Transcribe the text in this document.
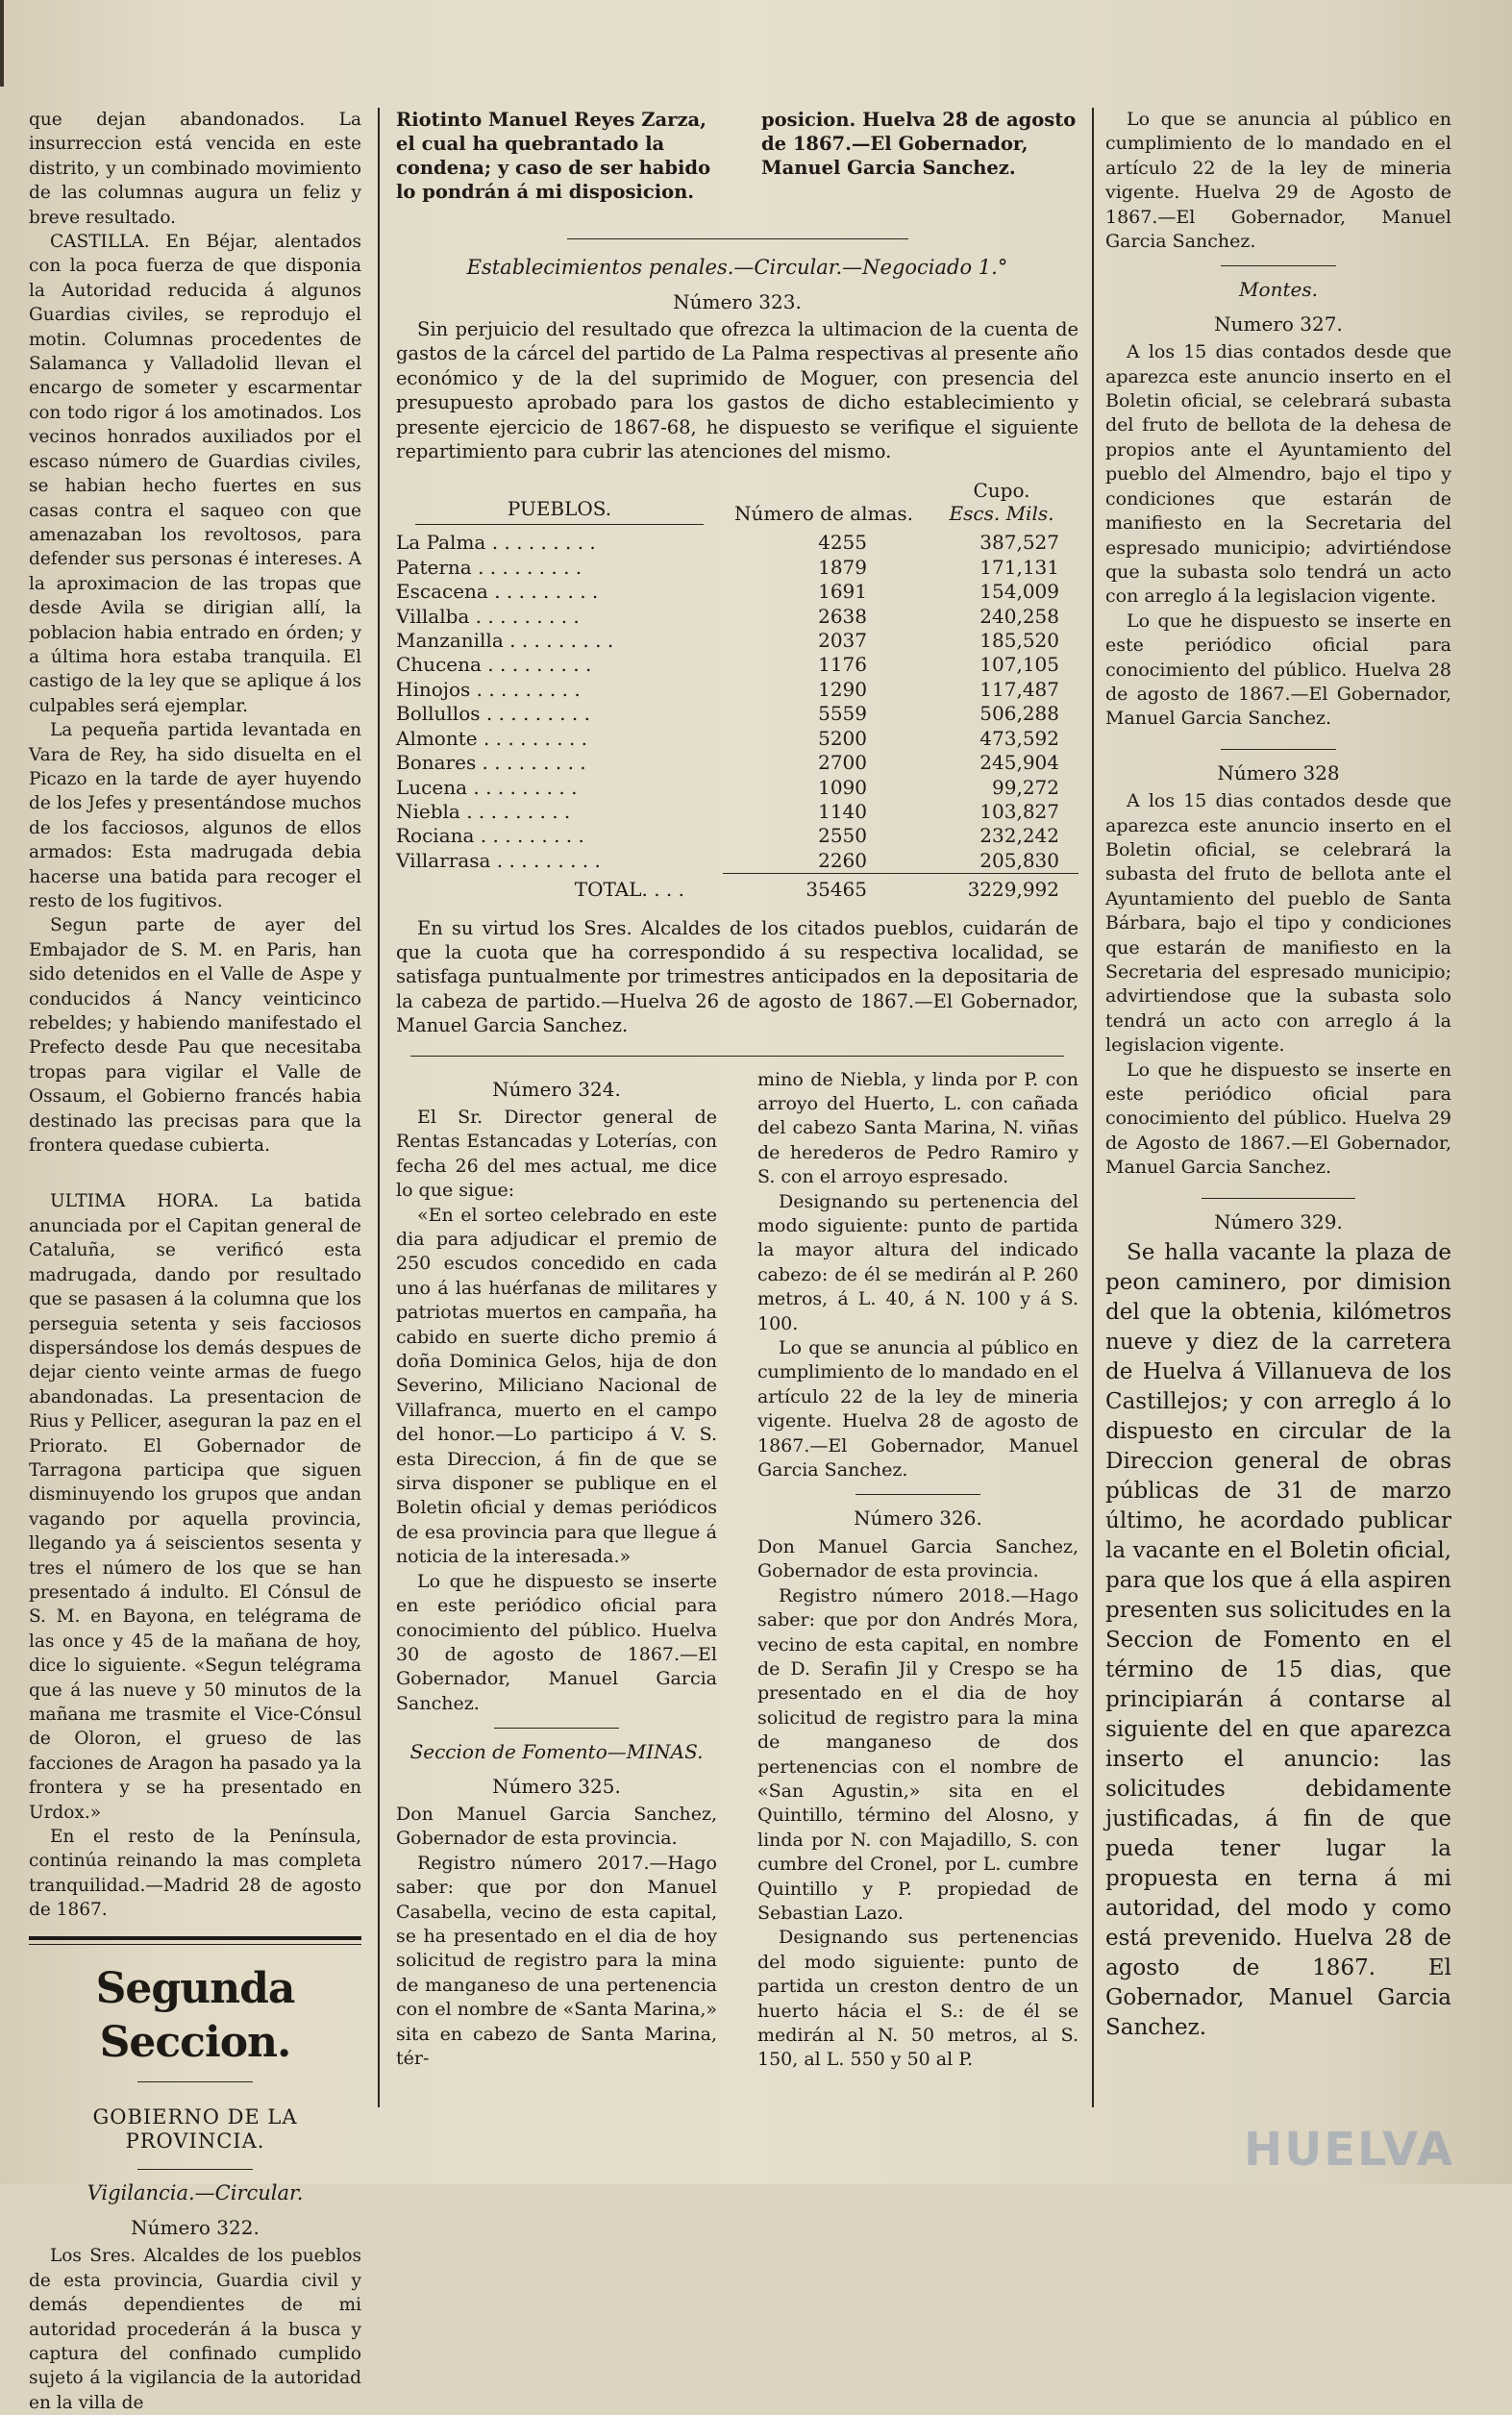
que dejan abandonados. La insurreccion está vencida en este distrito, y un combinado movimiento de las columnas augura un feliz y breve resultado.

CASTILLA. En Béjar, alentados con la poca fuerza de que disponia la Autoridad reducida á algunos Guardias civiles, se reprodujo el motin. Columnas procedentes de Salamanca y Valladolid llevan el encargo de someter y escarmentar con todo rigor á los amotinados. Los vecinos honrados auxiliados por el escaso número de Guardias civiles, se habian hecho fuertes en sus casas contra el saqueo con que amenazaban los revoltosos, para defender sus personas é intereses. A la aproximacion de las tropas que desde Avila se dirigian allí, la poblacion habia entrado en órden; y a última hora estaba tranquila. El castigo de la ley que se aplique á los culpables será ejemplar.

La pequeña partida levantada en Vara de Rey, ha sido disuelta en el Picazo en la tarde de ayer huyendo de los Jefes y presentándose muchos de los facciosos, algunos de ellos armados: Esta madrugada debia hacerse una batida para recoger el resto de los fugitivos.

Segun parte de ayer del Embajador de S. M. en Paris, han sido detenidos en el Valle de Aspe y conducidos á Nancy veinticinco rebeldes; y habiendo manifestado el Prefecto desde Pau que necesitaba tropas para vigilar el Valle de Ossaum, el Gobierno francés habia destinado las precisas para que la frontera quedase cubierta.

ULTIMA HORA. La batida anunciada por el Capitan general de Cataluña, se verificó esta madrugada, dando por resultado que se pasasen á la columna que los perseguia setenta y seis facciosos dispersándose los demás despues de dejar ciento veinte armas de fuego abandonadas. La presentacion de Rius y Pellicer, aseguran la paz en el Priorato. El Gobernador de Tarragona participa que siguen disminuyendo los grupos que andan vagando por aquella provincia, llegando ya á seiscientos sesenta y tres el número de los que se han presentado á indulto. El Cónsul de S. M. en Bayona, en telégrama de las once y 45 de la mañana de hoy, dice lo siguiente. «Segun telégrama que á las nueve y 50 minutos de la mañana me trasmite el Vice-Cónsul de Oloron, el grueso de las facciones de Aragon ha pasado ya la frontera y se ha presentado en Urdox.»

En el resto de la Península, continúa reinando la mas completa tranquilidad.—Madrid 28 de agosto de 1867.

Segunda Seccion.
GOBIERNO DE LA PROVINCIA.
Vigilancia.—Circular.
Número 322.

Los Sres. Alcaldes de los pueblos de esta provincia, Guardia civil y demás dependientes de mi autoridad procederán á la busca y captura del confinado cumplido sujeto á la vigilancia de la autoridad en la villa de

Riotinto Manuel Reyes Zarza, el cual ha quebrantado la condena; y caso de ser habido lo pondrán á mi disposicion.
posicion. Huelva 28 de agosto de 1867.—El Gobernador, Manuel Garcia Sanchez.
Establecimientos penales.—Circular.—Negociado 1.°
Número 323.

Sin perjuicio del resultado que ofrezca la ultimacion de la cuenta de gastos de la cárcel del partido de La Palma respectivas al presente año económico y de la del suprimido de Moguer, con presencia del presupuesto aprobado para los gastos de dicho establecimiento y presente ejercicio de 1867-68, he dispuesto se verifique el siguiente repartimiento para cubrir las atenciones del mismo.

PUEBLOS.	Número de almas.	Cupo.
Escs. Mils.

La Palma . . . . . . . . .	4255	387,527
Paterna . . . . . . . . .	1879	171,131
Escacena . . . . . . . . .	1691	154,009
Villalba . . . . . . . . .	2638	240,258
Manzanilla . . . . . . . . .	2037	185,520
Chucena . . . . . . . . .	1176	107,105
Hinojos . . . . . . . . .	1290	117,487
Bollullos . . . . . . . . .	5559	506,288
Almonte . . . . . . . . .	5200	473,592
Bonares . . . . . . . . .	2700	245,904
Lucena . . . . . . . . .	1090	99,272
Niebla . . . . . . . . .	1140	103,827
Rociana . . . . . . . . .	2550	232,242
Villarrasa . . . . . . . . .	2260	205,830
TOTAL. . . .	35465	3229,992

En su virtud los Sres. Alcaldes de los citados pueblos, cuidarán de que la cuota que ha correspondido á su respectiva localidad, se satisfaga puntualmente por trimestres anticipados en la depositaria de la cabeza de partido.—Huelva 26 de agosto de 1867.—El Gobernador, Manuel Garcia Sanchez.

Número 324.

El Sr. Director general de Rentas Estancadas y Loterías, con fecha 26 del mes actual, me dice lo que sigue:

«En el sorteo celebrado en este dia para adjudicar el premio de 250 escudos concedido en cada uno á las huérfanas de militares y patriotas muertos en campaña, ha cabido en suerte dicho premio á doña Dominica Gelos, hija de don Severino, Miliciano Nacional de Villafranca, muerto en el campo del honor.—Lo participo á V. S. esta Direccion, á fin de que se sirva disponer se publique en el Boletin oficial y demas periódicos de esa provincia para que llegue á noticia de la interesada.»

Lo que he dispuesto se inserte en este periódico oficial para conocimiento del público. Huelva 30 de agosto de 1867.—El Gobernador, Manuel Garcia Sanchez.

Seccion de Fomento—MINAS.
Número 325.

Don Manuel Garcia Sanchez, Gobernador de esta provincia.

Registro número 2017.—Hago saber: que por don Manuel Casabella, vecino de esta capital, se ha presentado en el dia de hoy solicitud de registro para la mina de manganeso de una pertenencia con el nombre de «Santa Marina,» sita en cabezo de Santa Marina, tér-

mino de Niebla, y linda por P. con arroyo del Huerto, L. con cañada del cabezo Santa Marina, N. viñas de herederos de Pedro Ramiro y S. con el arroyo espresado.

Designando su pertenencia del modo siguiente: punto de partida la mayor altura del indicado cabezo: de él se medirán al P. 260 metros, á L. 40, á N. 100 y á S. 100.

Lo que se anuncia al público en cumplimiento de lo mandado en el artículo 22 de la ley de mineria vigente. Huelva 28 de agosto de 1867.—El Gobernador, Manuel Garcia Sanchez.

Número 326.

Don Manuel Garcia Sanchez, Gobernador de esta provincia.

Registro número 2018.—Hago saber: que por don Andrés Mora, vecino de esta capital, en nombre de D. Serafin Jil y Crespo se ha presentado en el dia de hoy solicitud de registro para la mina de manganeso de dos pertenencias con el nombre de «San Agustin,» sita en el Quintillo, término del Alosno, y linda por N. con Majadillo, S. con cumbre del Cronel, por L. cumbre Quintillo y P. propiedad de Sebastian Lazo.

Designando sus pertenencias del modo siguiente: punto de partida un creston dentro de un huerto hácia el S.: de él se medirán al N. 50 metros, al S. 150, al L. 550 y 50 al P.

Lo que se anuncia al público en cumplimiento de lo mandado en el artículo 22 de la ley de mineria vigente. Huelva 29 de Agosto de 1867.—El Gobernador, Manuel Garcia Sanchez.

Montes.
Numero 327.

A los 15 dias contados desde que aparezca este anuncio inserto en el Boletin oficial, se celebrará subasta del fruto de bellota de la dehesa de propios ante el Ayuntamiento del pueblo del Almendro, bajo el tipo y condiciones que estarán de manifiesto en la Secretaria del espresado municipio; advirtiéndose que la subasta solo tendrá un acto con arreglo á la legislacion vigente.

Lo que he dispuesto se inserte en este periódico oficial para conocimiento del público. Huelva 28 de agosto de 1867.—El Gobernador, Manuel Garcia Sanchez.

Número 328

A los 15 dias contados desde que aparezca este anuncio inserto en el Boletin oficial, se celebrará la subasta del fruto de bellota ante el Ayuntamiento del pueblo de Santa Bárbara, bajo el tipo y condiciones que estarán de manifiesto en la Secretaria del espresado municipio; advirtiendose que la subasta solo tendrá un acto con arreglo á la legislacion vigente.

Lo que he dispuesto se inserte en este periódico oficial para conocimiento del público. Huelva 29 de Agosto de 1867.—El Gobernador, Manuel Garcia Sanchez.

Número 329.

Se halla vacante la plaza de peon caminero, por dimision del que la obtenia, kilómetros nueve y diez de la carretera de Huelva á Villanueva de los Castillejos; y con arreglo á lo dispuesto en circular de la Direccion general de obras públicas de 31 de marzo último, he acordado publicar la vacante en el Boletin oficial, para que los que á ella aspiren presenten sus solicitudes en la Seccion de Fomento en el término de 15 dias, que principiarán á contarse al siguiente del en que aparezca inserto el anuncio: las solicitudes debidamente justificadas, á fin de que pueda tener lugar la propuesta en terna á mi autoridad, del modo y como está prevenido. Huelva 28 de agosto de 1867. El Gobernador, Manuel Garcia Sanchez.

HUELVA
